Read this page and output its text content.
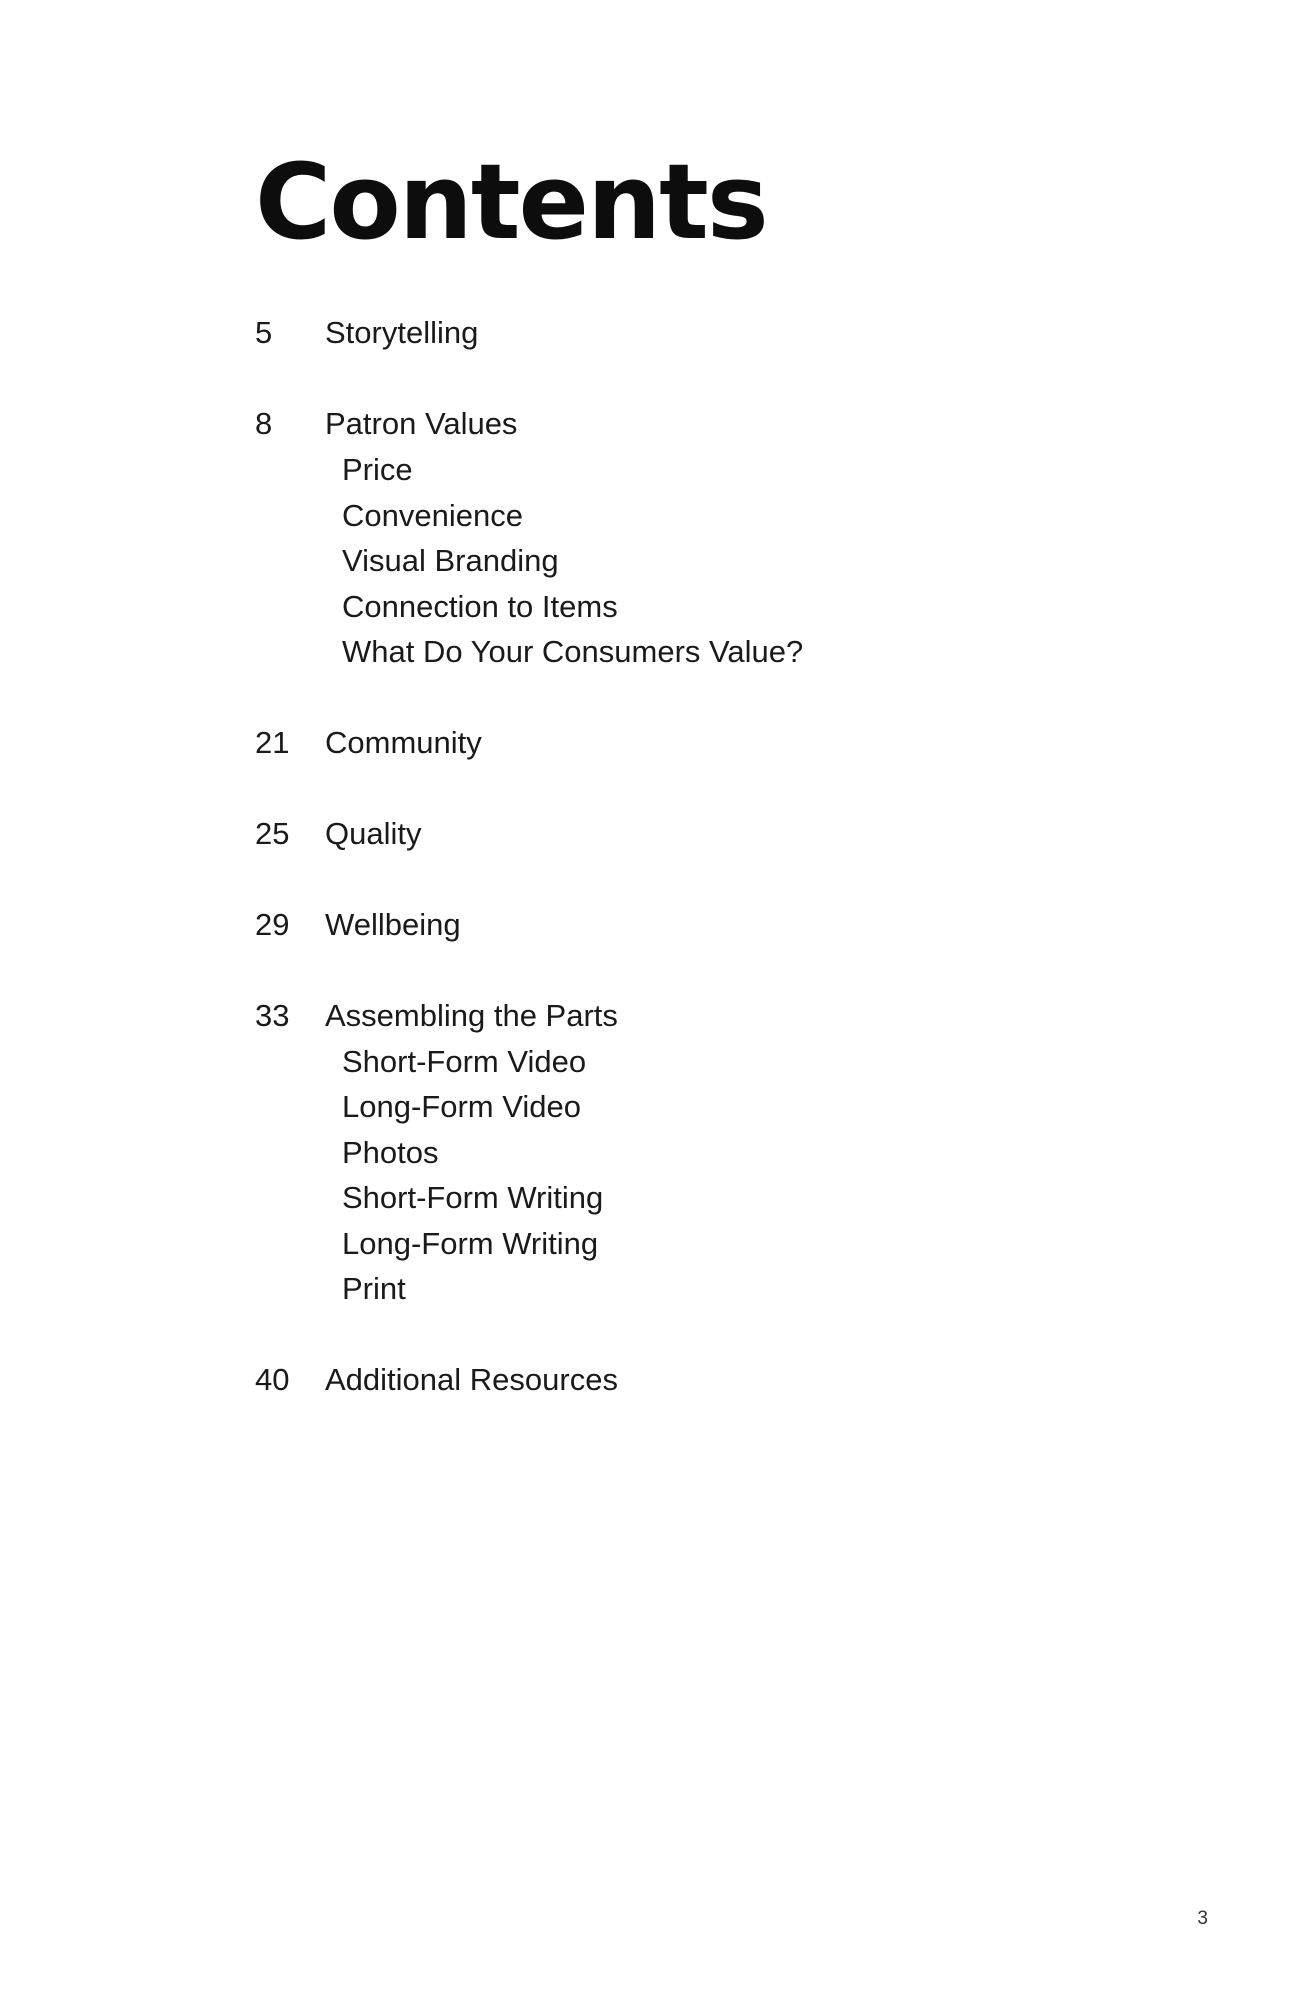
Contents
5	Storytelling
8	Patron Values
Price
Convenience
Visual Branding
Connection to Items
What Do Your Consumers Value?
21	Community
25	Quality
29	Wellbeing
33	Assembling the Parts
Short-Form Video
Long-Form Video
Photos
Short-Form Writing
Long-Form Writing
Print
40	Additional Resources
3
